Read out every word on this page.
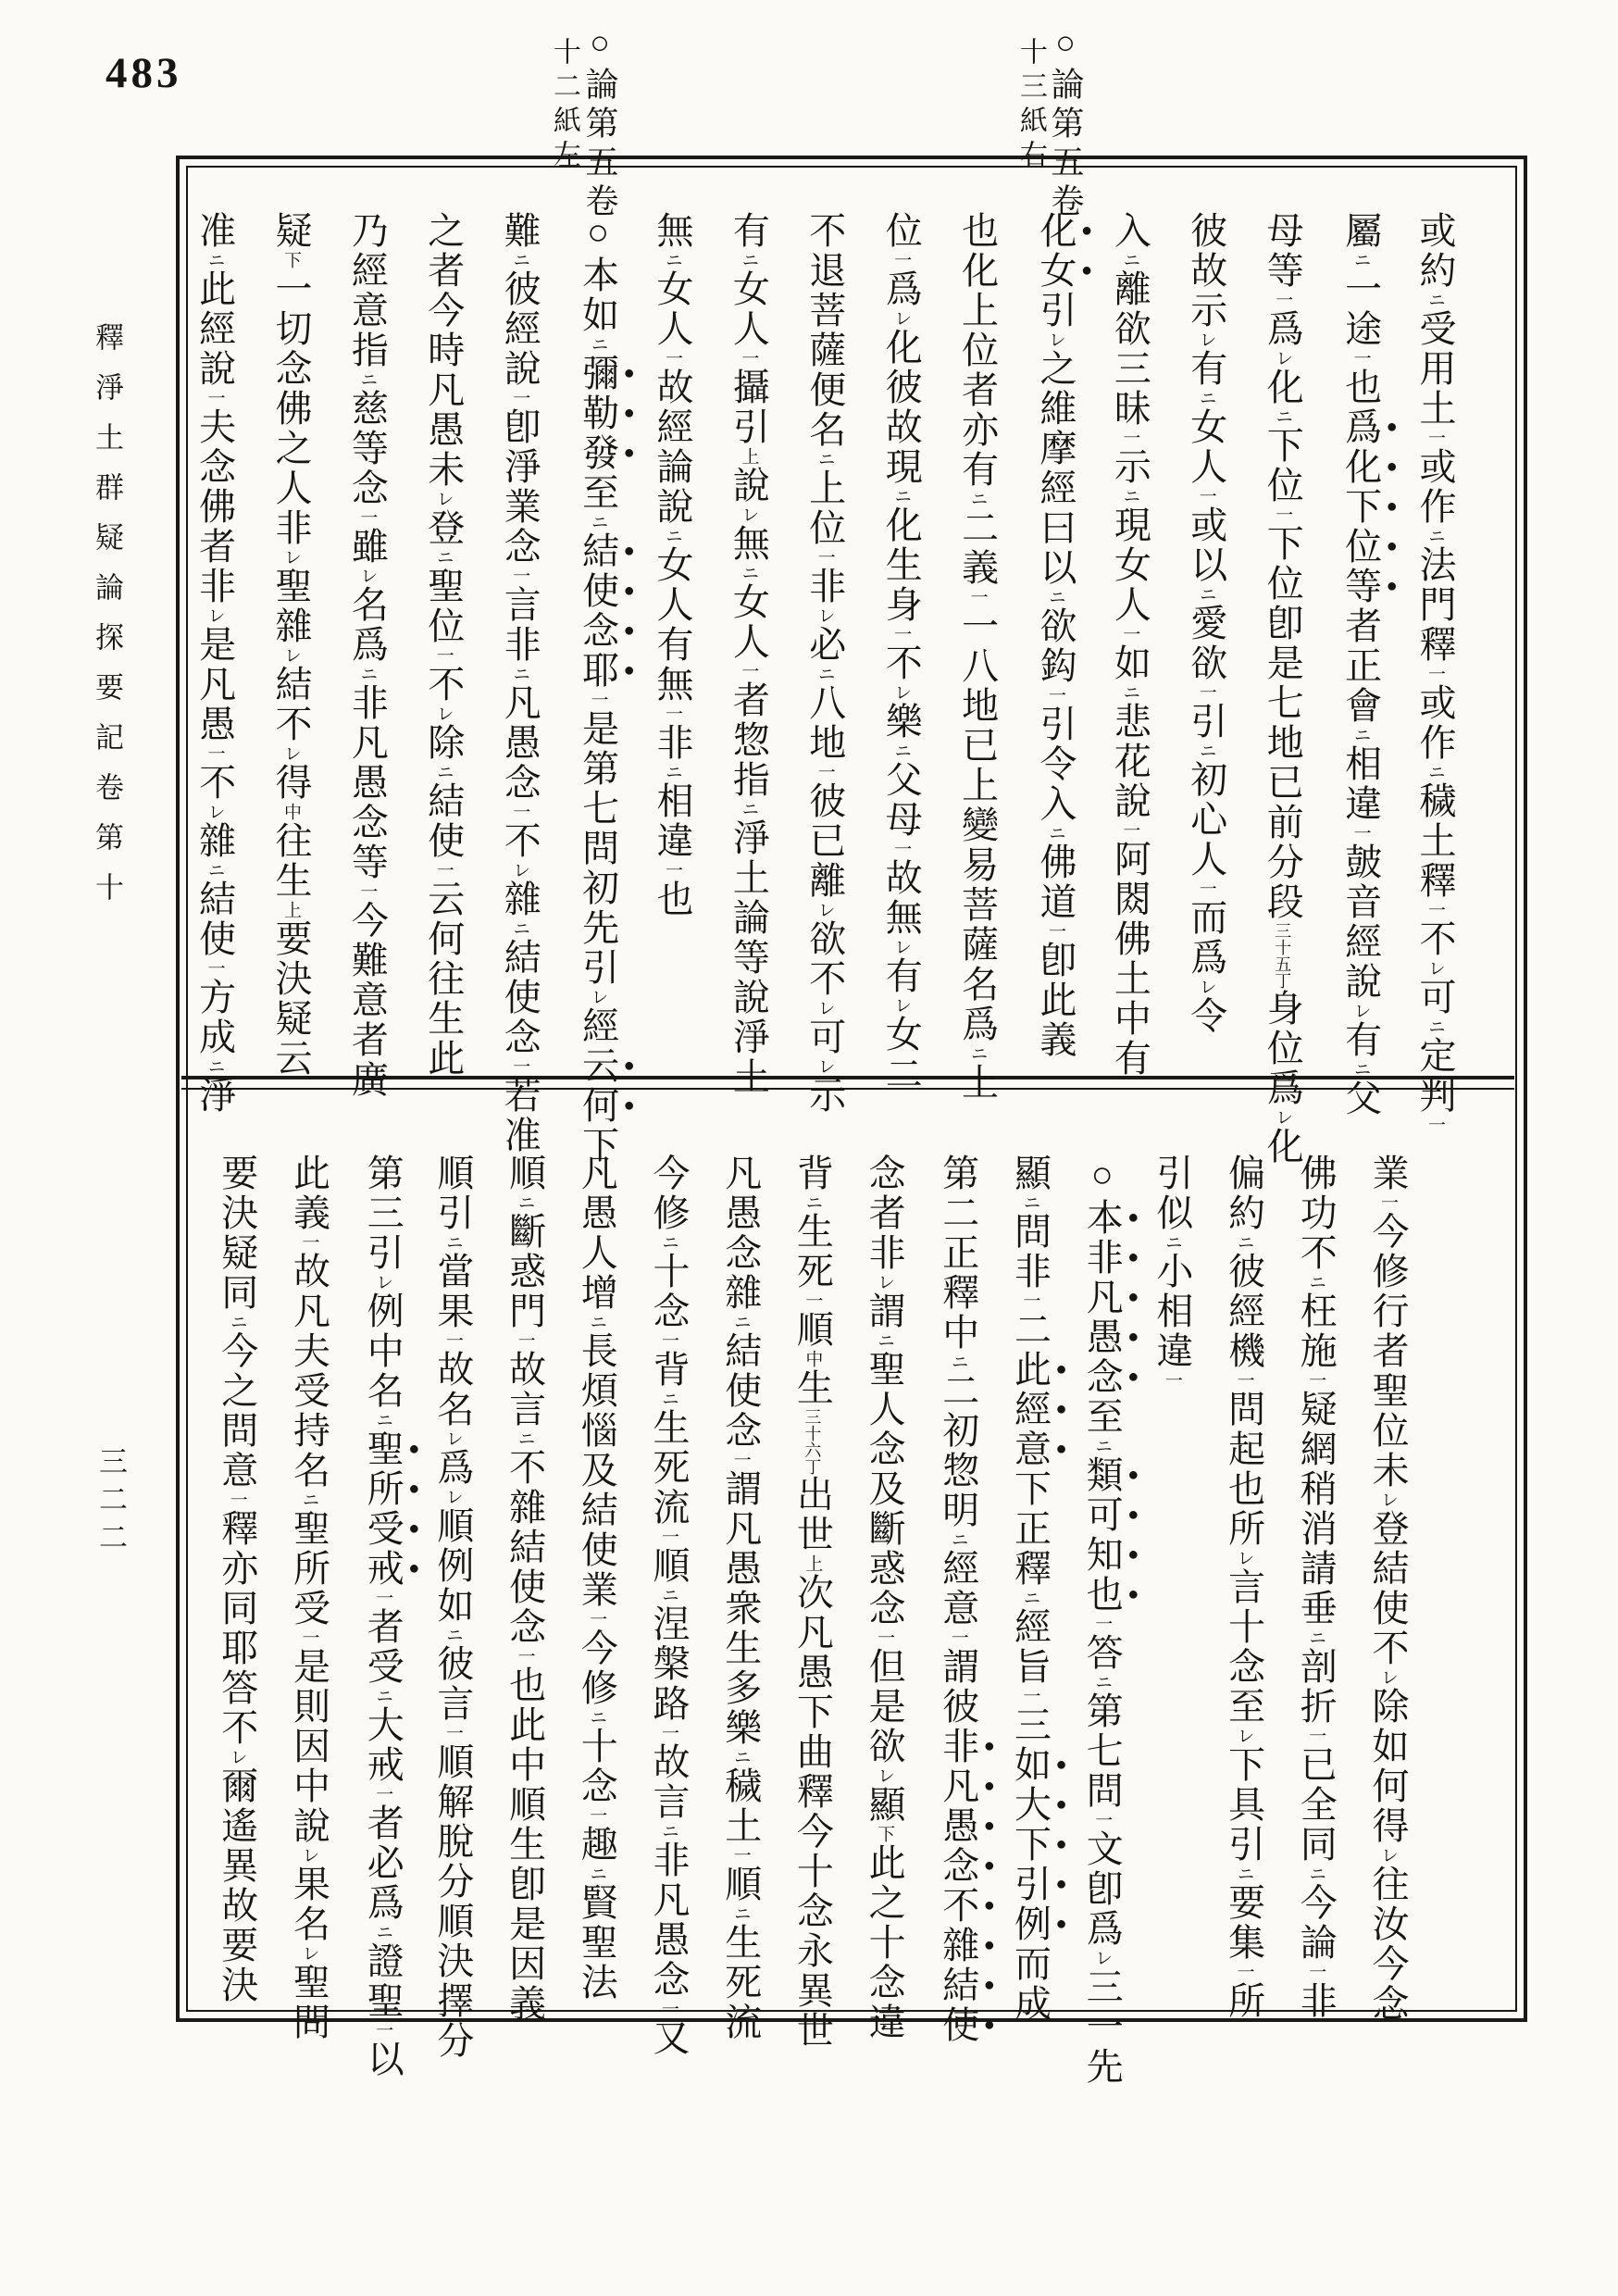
483	○論第五卷
十二紙左	○論第五卷
十三紙右
釋淨土群疑論探要記卷第十
三二二
或約ニ受用土一或作ニ法門釋一或作ニ穢土釋一不レ可ニ定判一
屬ニ一途一也爲化下位等者正會ニ相違一皷音經說レ有ニ父
母等一爲レ化ニ下位一下位卽是七地已前分段三十五丁身位爲レ化
彼故示レ有ニ女人一或以ニ愛欲一引ニ初心人一而爲レ令
入ニ離欲三昧一示ニ現女人一如ニ悲花說一阿閦佛土中有
化女引レ之維摩經曰以ニ欲鈎一引令入ニ佛道一卽此義
也化上位者亦有ニ二義一一八地已上變易菩薩名爲ニ上
位一爲レ化彼故現ニ化生身一不レ樂ニ父母一故無レ有レ女二
不退菩薩便名ニ上位一非レ必ニ八地一彼已離レ欲不レ可レ示
有ニ女人一攝引上說レ無ニ女人一者惣指ニ淨土論等說淨土
無ニ女人一故經論說ニ女人有無一非ニ相違一也
○本如ニ彌勒發至ニ結使念耶一是第七問初先引レ經云何下
難ニ彼經說一卽淨業念一言非ニ凡愚念一不レ雜ニ結使念一若准
之者今時凡愚未レ登ニ聖位一不レ除ニ結使一云何往生此
乃經意指ニ慈等念一雖レ名爲ニ非凡愚念等一今難意者廣
疑下一切念佛之人非レ聖雜レ結不レ得中往生上要決疑云
准ニ此經說一夫念佛者非レ是凡愚一不レ雜ニ結使一方成ニ淨
業一今修行者聖位未レ登結使不レ除如何得レ往汝今念
佛功不ニ枉施一疑網稍消請垂ニ剖折一已全同ニ今論一非
偏約ニ彼經機一問起也所レ言十念至レ下具引ニ要集一所
引似ニ小相違一
○本非凡愚念至ニ類可知也一答ニ第七問一文卽爲レ三一先
顯ニ問非一二此經意下正釋ニ經旨一三如大下引例而成
第二正釋中ニ二初惣明ニ經意一謂彼非凡愚念不雜結使
念者非レ謂ニ聖人念及斷惑念一但是欲レ顯下此之十念違
背ニ生死一順中生三十六丁出世上次凡愚下曲釋今十念永異世
凡愚念雜ニ結使念一謂凡愚衆生多樂ニ穢土一順ニ生死流
今修ニ十念一背ニ生死流一順ニ涅槃路一故言ニ非凡愚念一又
凡愚人增ニ長煩惱及結使業一今修ニ十念一趣ニ賢聖法
順ニ斷惑門一故言ニ不雜結使念一也此中順生卽是因義
順引ニ當果一故名レ爲レ順例如ニ彼言一順解脫分順決擇分
第三引レ例中名ニ聖所受戒一者受ニ大戒一者必爲ニ證聖一以
此義一故凡夫受持名ニ聖所受一是則因中說レ果名レ聖問
要決疑同ニ今之問意一釋亦同耶答不レ爾遙異故要決
